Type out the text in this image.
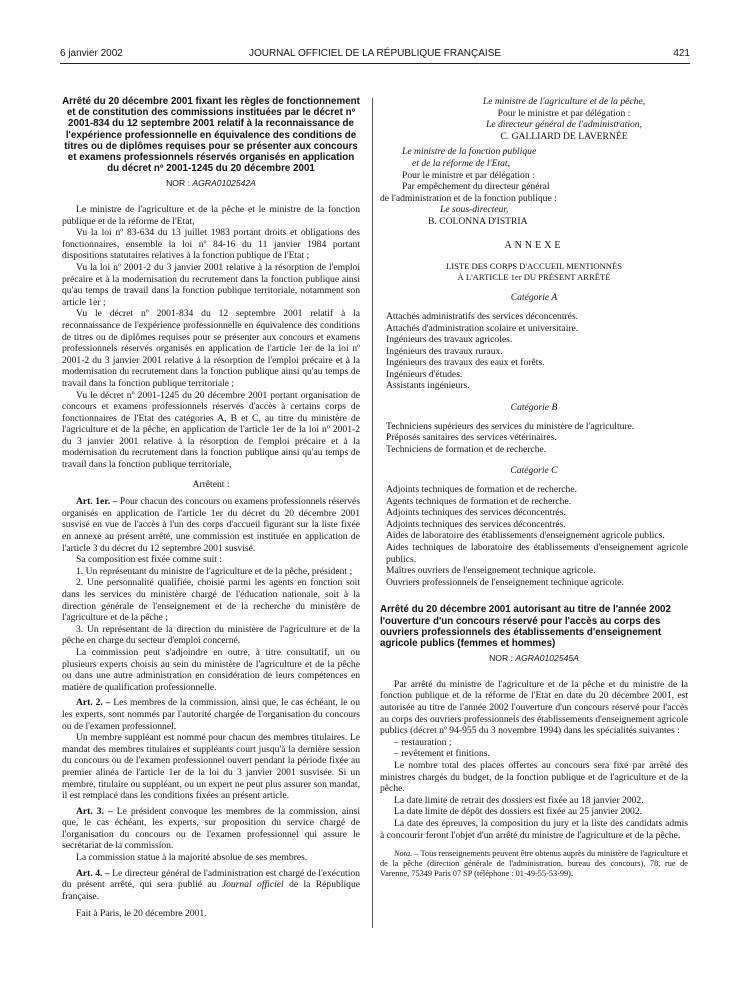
6 janvier 2002	JOURNAL OFFICIEL DE LA RÉPUBLIQUE FRANÇAISE	421

Arrêté du 20 décembre 2001 fixant les règles de fonctionnement et de constitution des commissions instituées par le décret nº 2001-834 du 12 septembre 2001 relatif à la reconnaissance de l'expérience professionnelle en équivalence des conditions de titres ou de diplômes requises pour se présenter aux concours et examens professionnels réservés organisés en application du décret nº 2001-1245 du 20 décembre 2001

NOR : AGRA0102542A

Le ministre de l'agriculture et de la pêche et le ministre de la fonction publique et de la réforme de l'Etat,

Vu la loi nº 83-634 du 13 juillet 1983 portant droits et obligations des fonctionnaires, ensemble la loi nº 84-16 du 11 janvier 1984 portant dispositions statutaires relatives à la fonction publique de l'Etat ;

Vu la loi nº 2001-2 du 3 janvier 2001 relative à la résorption de l'emploi précaire et à la modernisation du recrutement dans la fonction publique ainsi qu'au temps de travail dans la fonction publique territoriale, notamment son article 1er ;

Vu le décret nº 2001-834 du 12 septembre 2001 relatif à la reconnaissance de l'expérience professionnelle en équivalence des conditions de titres ou de diplômes requises pour se présenter aux concours et examens professionnels réservés organisés en application de l'article 1er de la loi nº 2001-2 du 3 janvier 2001 relative à la résorption de l'emploi précaire et à la modernisation du recrutement dans la fonction publique ainsi qu'au temps de travail dans la fonction publique territoriale ;

Vu le décret nº 2001-1245 du 20 décembre 2001 portant organisation de concours et examens professionnels réservés d'accès à certains corps de fonctionnaires de l'Etat des catégories A, B et C, au titre du ministère de l'agriculture et de la pêche, en application de l'article 1er de la loi nº 2001-2 du 3 janvier 2001 relative à la résorption de l'emploi précaire et à la modernisation du recrutement dans la fonction publique ainsi qu'au temps de travail dans la fonction publique territoriale,

Arrêtent :

Art. 1er. – Pour chacun des concours ou examens professionnels réservés organisés en application de l'article 1er du décret du 20 décembre 2001 susvisé en vue de l'accès à l'un des corps d'accueil figurant sur la liste fixée en annexe au présent arrêté, une commission est instituée en application de l'article 3 du décret du 12 septembre 2001 susvisé.

Sa composition est fixée comme suit :

1. Un représentant du ministre de l'agriculture et de la pêche, président ;

2. Une personnalité qualifiée, choisie parmi les agents en fonction soit dans les services du ministère chargé de l'éducation nationale, soit à la direction générale de l'enseignement et de la recherche du ministère de l'agriculture et de la pêche ;

3. Un représentant de la direction du ministère de l'agriculture et de la pêche en charge du secteur d'emploi concerné.

La commission peut s'adjoindre en outre, à titre consultatif, un ou plusieurs experts choisis au sein du ministère de l'agriculture et de la pêche ou dans une autre administration en considération de leurs compétences en matière de qualification professionnelle.

Art. 2. – Les membres de la commission, ainsi que, le cas échéant, le ou les experts, sont nommés par l'autorité chargée de l'organisation du concours ou de l'examen professionnel.

Un membre suppléant est nommé pour chacun des membres titulaires. Le mandat des membres titulaires et suppléants court jusqu'à la dernière session du concours ou de l'examen professionnel ouvert pendant la période fixée au premier alinéa de l'article 1er de la loi du 3 janvier 2001 susvisée. Si un membre, titulaire ou suppléant, ou un expert ne peut plus assurer son mandat, il est remplacé dans les conditions fixées au présent article.

Art. 3. – Le président convoque les membres de la commission, ainsi que, le cas échéant, les experts, sur proposition du service chargé de l'organisation du concours ou de l'examen professionnel qui assure le secrétariat de la commission.

La commission statue à la majorité absolue de ses membres.

Art. 4. – Le directeur général de l'administration est chargé de l'exécution du présent arrêté, qui sera publié au Journal officiel de la République française.

Fait à Paris, le 20 décembre 2001.

Le ministre de l'agriculture et de la pêche,

Pour le ministre et par délégation :

Le directeur général de l'administration,

C. GALLIARD DE LAVERNÉE

Le ministre de la fonction publique

et de la réforme de l'Etat,

Pour le ministre et par délégation :

Par empêchement du directeur général

de l'administration et de la fonction publique :

Le sous-directeur,

B. COLONNA D'ISTRIA

ANNEXE
LISTE DES CORPS D'ACCUEIL MENTIONNÉS
À L'ARTICLE 1er DU PRÉSENT ARRÊTÉ
Catégorie A

Attachés administratifs des services déconcentrés.

Attachés d'administration scolaire et universitaire.

Ingénieurs des travaux agricoles.

Ingénieurs des travaux ruraux.

Ingénieurs des travaux des eaux et forêts.

Ingénieurs d'études.

Assistants ingénieurs.

Catégorie B

Techniciens supérieurs des services du ministère de l'agriculture.

Préposés sanitaires des services vétérinaires.

Techniciens de formation et de recherche.

Catégorie C

Adjoints techniques de formation et de recherche.

Agents techniques de formation et de recherche.

Adjoints techniques des services déconcentrés.

Adjoints techniques des services déconcentrés.

Aides de laboratoire des établissements d'enseignement agricole publics.

Aides techniques de laboratoire des établissements d'enseignement agricole publics.

Maîtres ouvriers de l'enseignement technique agricole.

Ouvriers professionnels de l'enseignement technique agricole.

Arrêté du 20 décembre 2001 autorisant au titre de l'année 2002 l'ouverture d'un concours réservé pour l'accès au corps des ouvriers professionnels des établissements d'enseignement agricole publics (femmes et hommes)

NOR : AGRA0102545A

Par arrêté du ministre de l'agriculture et de la pêche et du ministre de la fonction publique et de la réforme de l'Etat en date du 20 décembre 2001, est autorisée au titre de l'année 2002 l'ouverture d'un concours réservé pour l'accès au corps des ouvriers professionnels des établissements d'enseignement agricole publics (décret nº 94-955 du 3 novembre 1994) dans les spécialités suivantes :

– restauration ;

– revêtement et finitions.

Le nombre total des places offertes au concours sera fixé par arrêté des ministres chargés du budget, de la fonction publique et de l'agriculture et de la pêche.

La date limite de retrait des dossiers est fixée au 18 janvier 2002.

La date limite de dépôt des dossiers est fixée au 25 janvier 2002.

La date des épreuves, la composition du jury et la liste des candidats admis à concourir feront l'objet d'un arrêté du ministre de l'agriculture et de la pêche.

Nota. – Tous renseignements peuvent être obtenus auprès du ministère de l'agriculture et de la pêche (direction générale de l'administration, bureau des concours), 78, rue de Varenne, 75349 Paris 07 SP (téléphone : 01-49-55-53-99).
